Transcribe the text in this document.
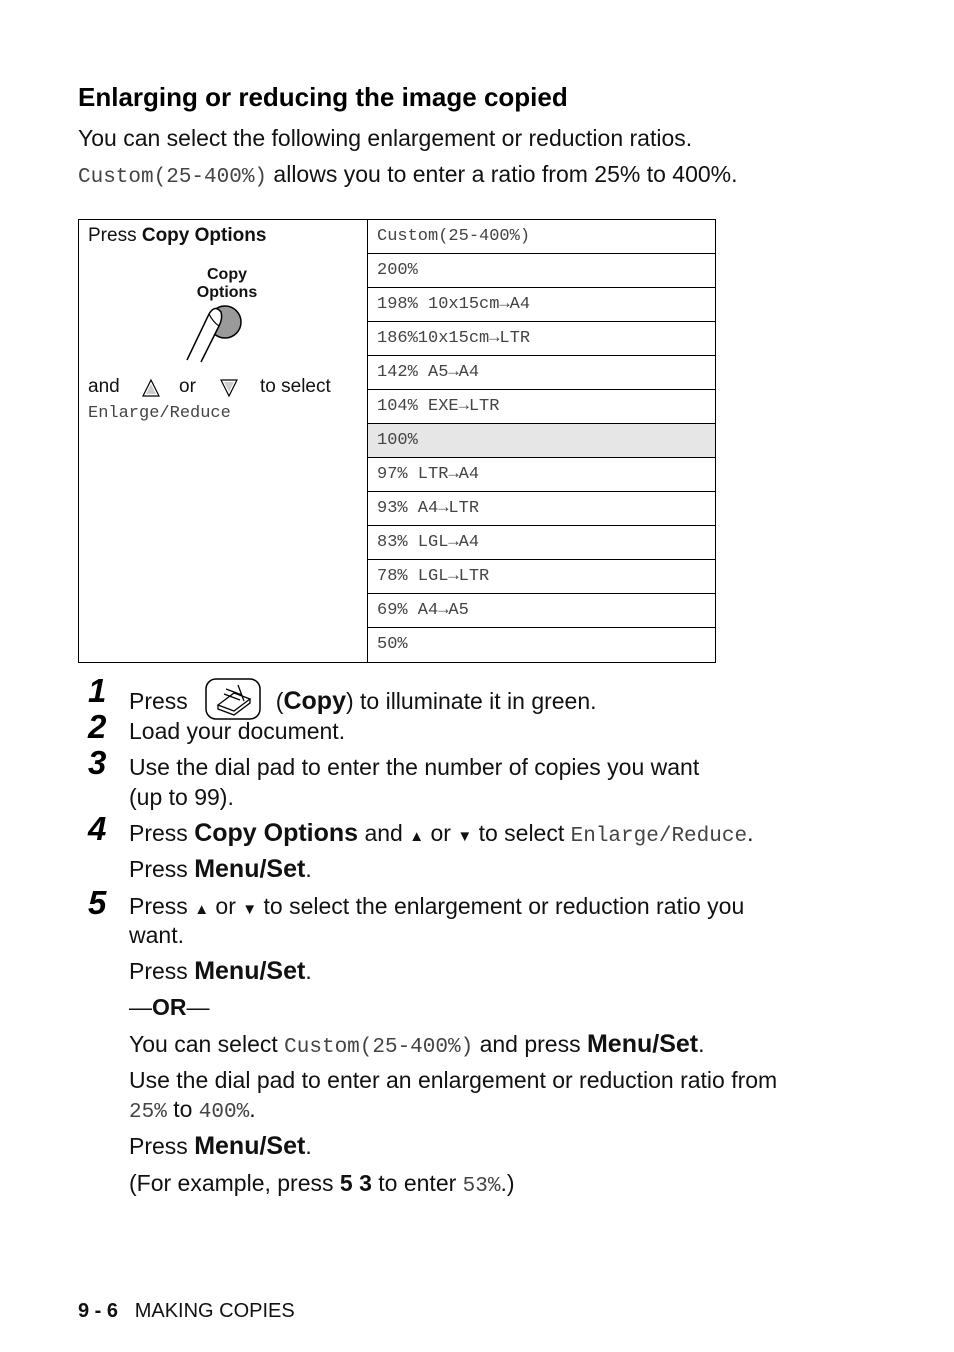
Enlarging or reducing the image copied

You can select the following enlargement or reduction ratios.

Custom(25-400%) allows you to enter a ratio from 25% to 400%.

Press Copy Options
Copy
Options
and	or	to select
Enlarge/Reduce
Custom(25-400%)
200%
198% 10x15cm→A4
186%10x15cm→LTR
142% A5→A4
104% EXE→LTR
100%
97% LTR→A4
93% A4→LTR
83% LGL→A4
78% LGL→LTR
69% A4→A5
50%
1 Press	(Copy) to illuminate it in green.

2 Load your document.

3 Use the dial pad to enter the number of copies you want

(up to 99).

4 Press Copy Options and ▲ or ▼ to select Enlarge/Reduce.

Press Menu/Set.

5 Press ▲ or ▼ to select the enlargement or reduction ratio you

want.

Press Menu/Set.

—OR—

You can select Custom(25-400%) and press Menu/Set.

Use the dial pad to enter an enlargement or reduction ratio from

25% to 400%.

Press Menu/Set.

(For example, press 5 3 to enter 53%.)

9 - 6 MAKING COPIES
